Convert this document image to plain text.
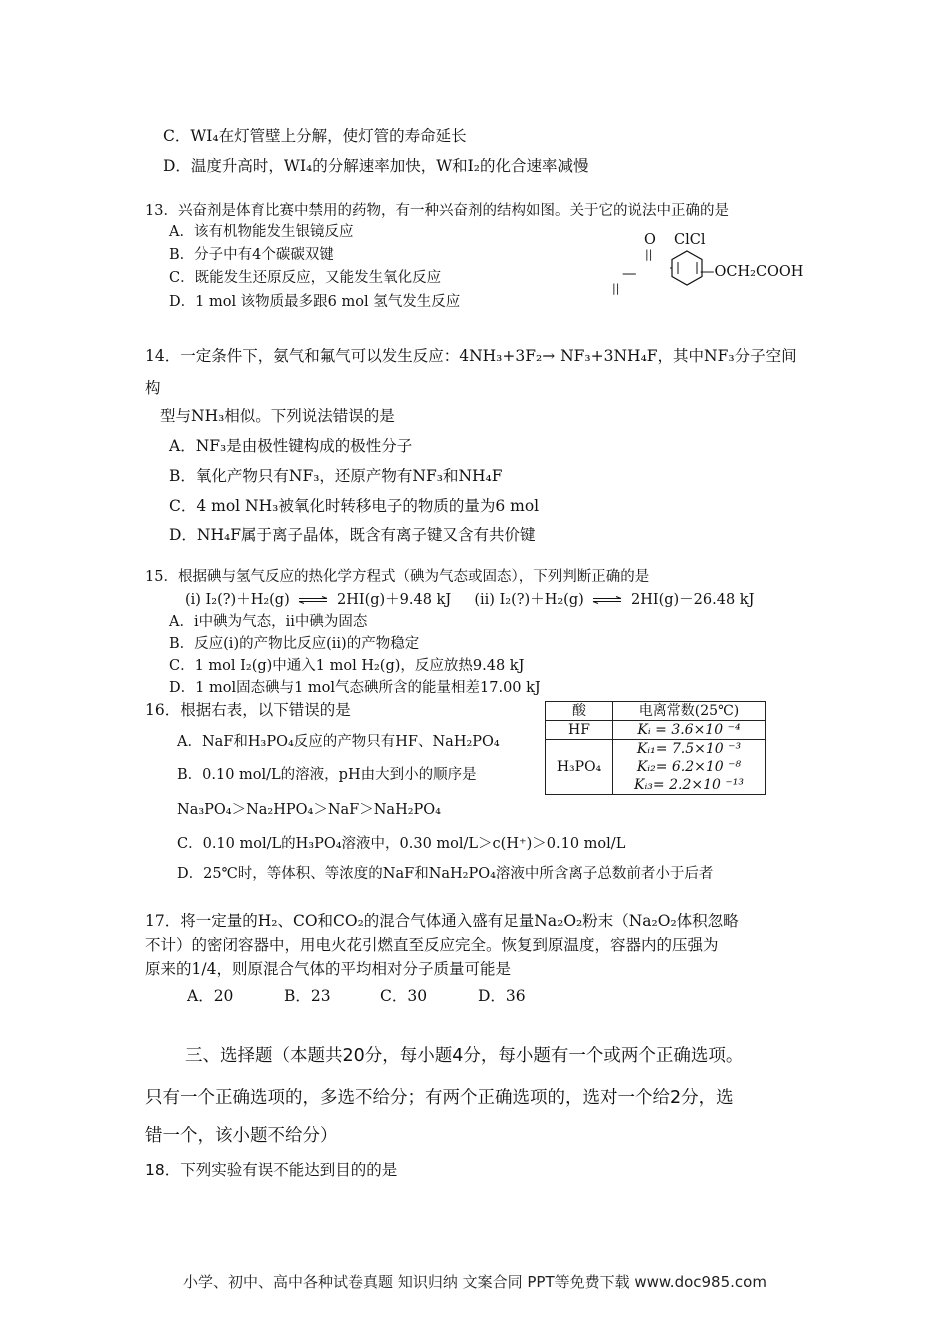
C．WI₄在灯管壁上分解，使灯管的寿命延长
D．温度升高时，WI₄的分解速率加快，W和I₂的化合速率减慢
13．兴奋剂是体育比赛中禁用的药物，有一种兴奋剂的结构如图。关于它的说法中正确的是
A．该有机物能发生银镜反应
B．分子中有4个碳碳双键
C．既能发生还原反应，又能发生氧化反应
D．1 mol 该物质最多跟6 mol 氢气发生反应
O ClCl
||
—	—OCH₂COOH
||
14．一定条件下，氨气和氟气可以发生反应：4NH₃+3F₂→ NF₃+3NH₄F，其中NF₃分子空间
构
型与NH₃相似。下列说法错误的是
A．NF₃是由极性键构成的极性分子
B．氧化产物只有NF₃，还原产物有NF₃和NH₄F
C．4 mol NH₃被氧化时转移电子的物质的量为6 mol
D．NH₄F属于离子晶体，既含有离子键又含有共价键
15．根据碘与氢气反应的热化学方程式（碘为气态或固态），下列判断正确的是
(i) I₂(?)＋H₂(g) ⇌ 2HI(g)＋9.48 kJ (ii) I₂(?)＋H₂(g) ⇌ 2HI(g)－26.48 kJ
A．ⅰ中碘为气态，ⅱ中碘为固态
B．反应(i)的产物比反应(ii)的产物稳定
C．1 mol I₂(g)中通入1 mol H₂(g)，反应放热9.48 kJ
D．1 mol固态碘与1 mol气态碘所含的能量相差17.00 kJ
16．根据右表，以下错误的是
A．NaF和H₃PO₄反应的产物只有HF、NaH₂PO₄
B．0.10 mol/L的溶液，pH由大到小的顺序是
Na₃PO₄＞Na₂HPO₄＞NaF＞NaH₂PO₄
C．0.10 mol/L的H₃PO₄溶液中，0.30 mol/L＞c(H⁺)＞0.10 mol/L
D．25℃时，等体积、等浓度的NaF和NaH₂PO₄溶液中所含离子总数前者小于后者
酸	电离常数(25℃)
HF	Kᵢ = 3.6×10 ⁻⁴
H₃PO₄	Kᵢ₁= 7.5×10 ⁻³
Kᵢ₂= 6.2×10 ⁻⁸
Kᵢ₃= 2.2×10 ⁻¹³
17．将一定量的H₂、CO和CO₂的混合气体通入盛有足量Na₂O₂粉末（Na₂O₂体积忽略
不计）的密闭容器中，用电火花引燃直至反应完全。恢复到原温度，容器内的压强为
原来的1/4，则原混合气体的平均相对分子质量可能是
A．20	B．23	C．30	D．36
三、选择题（本题共20分，每小题4分，每小题有一个或两个正确选项。
只有一个正确选项的，多选不给分；有两个正确选项的，选对一个给2分，选
错一个，该小题不给分）
18．下列实验有误不能达到目的的是
小学、初中、高中各种试卷真题 知识归纳 文案合同 PPT等免费下载 www.doc985.com
